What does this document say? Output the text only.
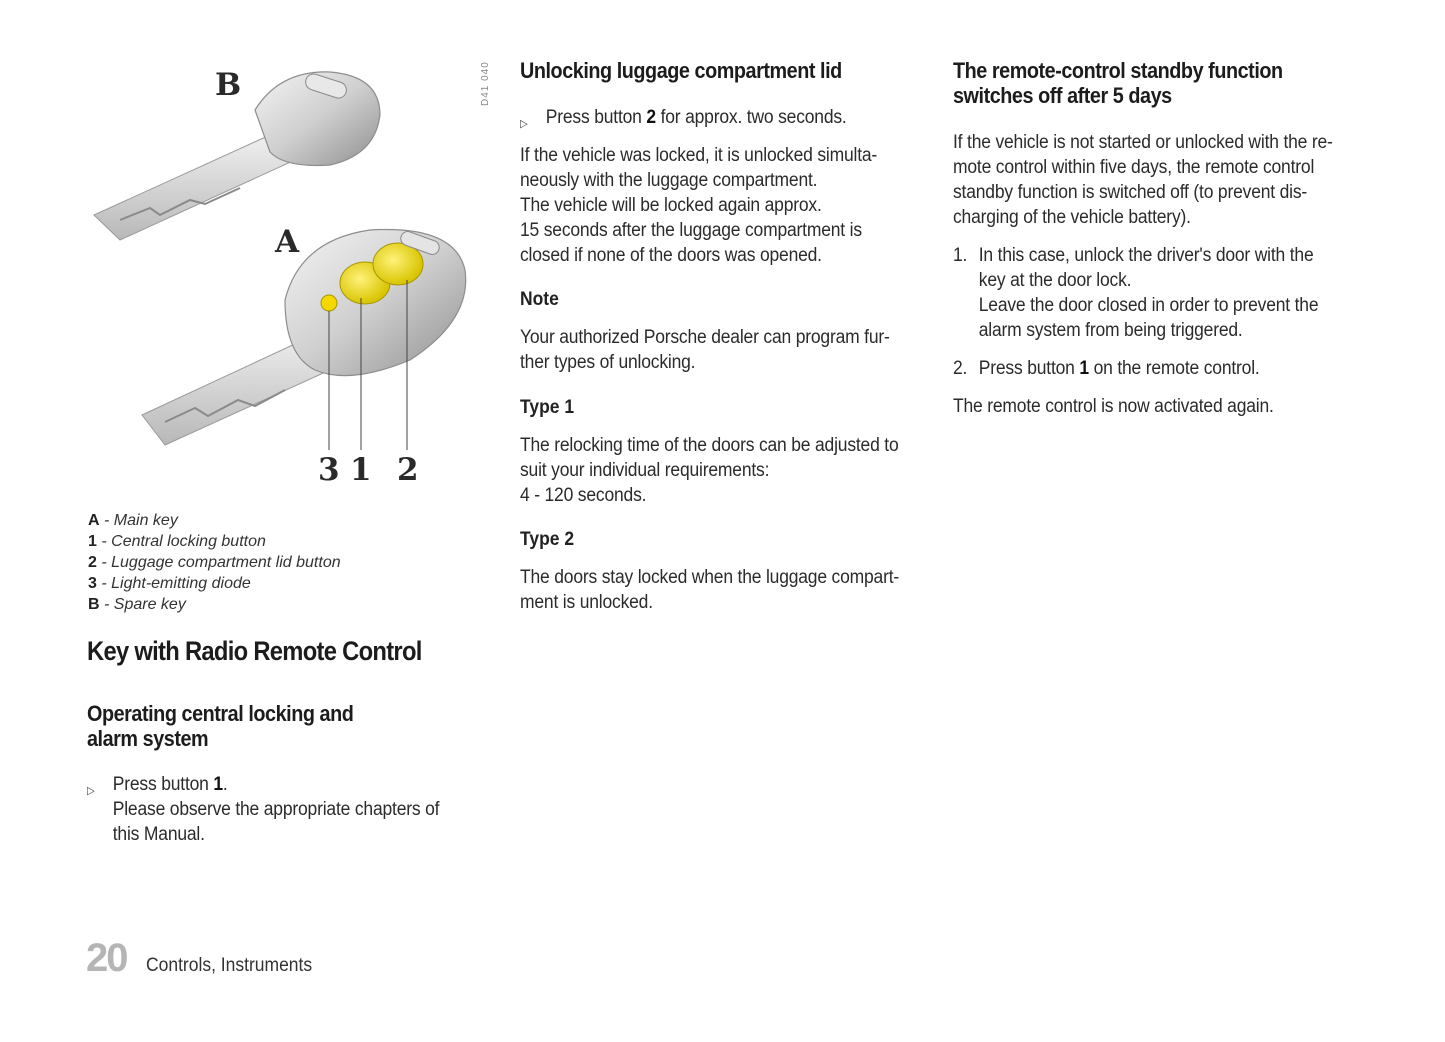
B
A
3 1 2
D41 040
A - Main key
1 - Central locking button
2 - Luggage compartment lid button
3 - Light-emitting diode
B - Spare key
Key with Radio Remote Control
Operating central locking and
alarm system
▷ Press button 1.
Please observe the appropriate chapters of
this Manual.
Unlocking luggage compartment lid
▷ Press button 2 for approx. two seconds.
If the vehicle was locked, it is unlocked simulta-
neously with the luggage compartment.
The vehicle will be locked again approx.
15 seconds after the luggage compartment is
closed if none of the doors was opened.
Note
Your authorized Porsche dealer can program fur-
ther types of unlocking.
Type 1
The relocking time of the doors can be adjusted to
suit your individual requirements:
4 - 120 seconds.
Type 2
The doors stay locked when the luggage compart-
ment is unlocked.
The remote-control standby function
switches off after 5 days
If the vehicle is not started or unlocked with the re-
mote control within five days, the remote control
standby function is switched off (to prevent dis-
charging of the vehicle battery).
1. In this case, unlock the driver's door with the
key at the door lock.
Leave the door closed in order to prevent the
alarm system from being triggered.
2. Press button 1 on the remote control.
The remote control is now activated again.
20 Controls, Instruments
